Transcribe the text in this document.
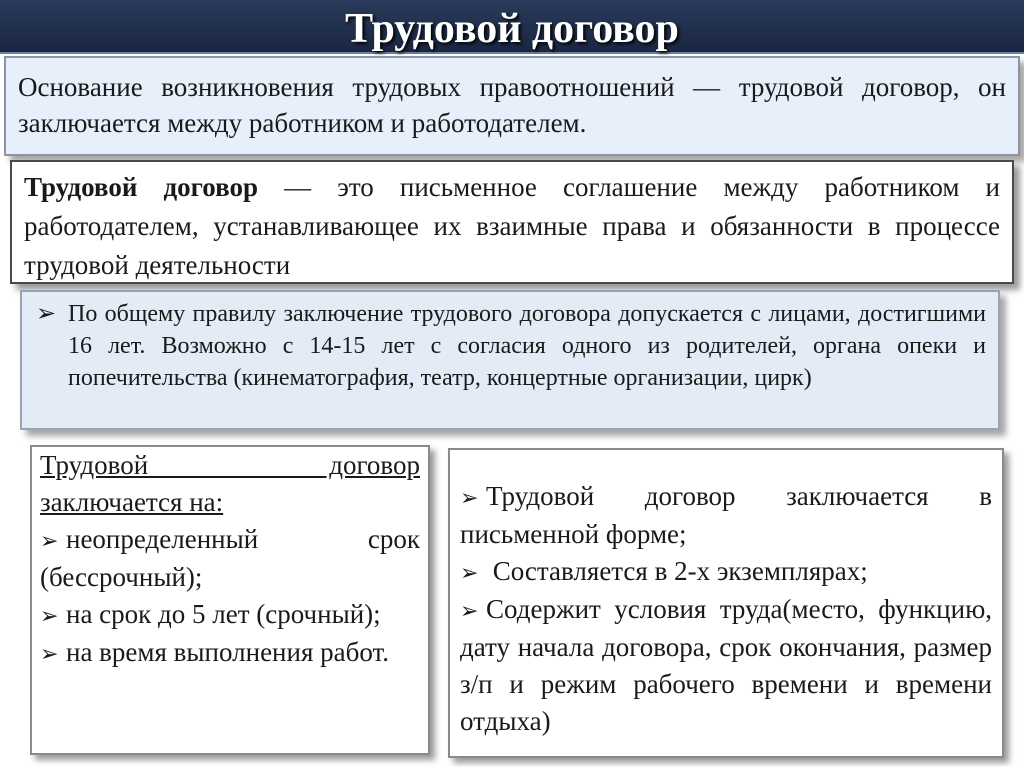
Трудовой договор
Основание возникновения трудовых правоотношений — трудовой договор, он заключается между работником и работодателем.
Трудовой договор — это письменное соглашение между работником и работодателем, устанавливающее их взаимные права и обязанности в процессе трудовой деятельности
➢ По общему правилу заключение трудового договора допускается с лицами, достигшими 16 лет. Возможно с 14-15 лет с согласия одного из родителей, органа опеки и попечительства (кинематография, театр, концертные организации, цирк)
Трудовой договор
заключается на:
➢ неопределенный срок (бессрочный);
➢ на срок до 5 лет (срочный);
➢ на время выполнения работ.
➢ Трудовой договор заключается в письменной форме;
➢ Составляется в 2-х экземплярах;
➢ Содержит условия труда(место, функцию, дату начала договора, срок окончания, размер з/п и режим рабочего времени и времени отдыха)
